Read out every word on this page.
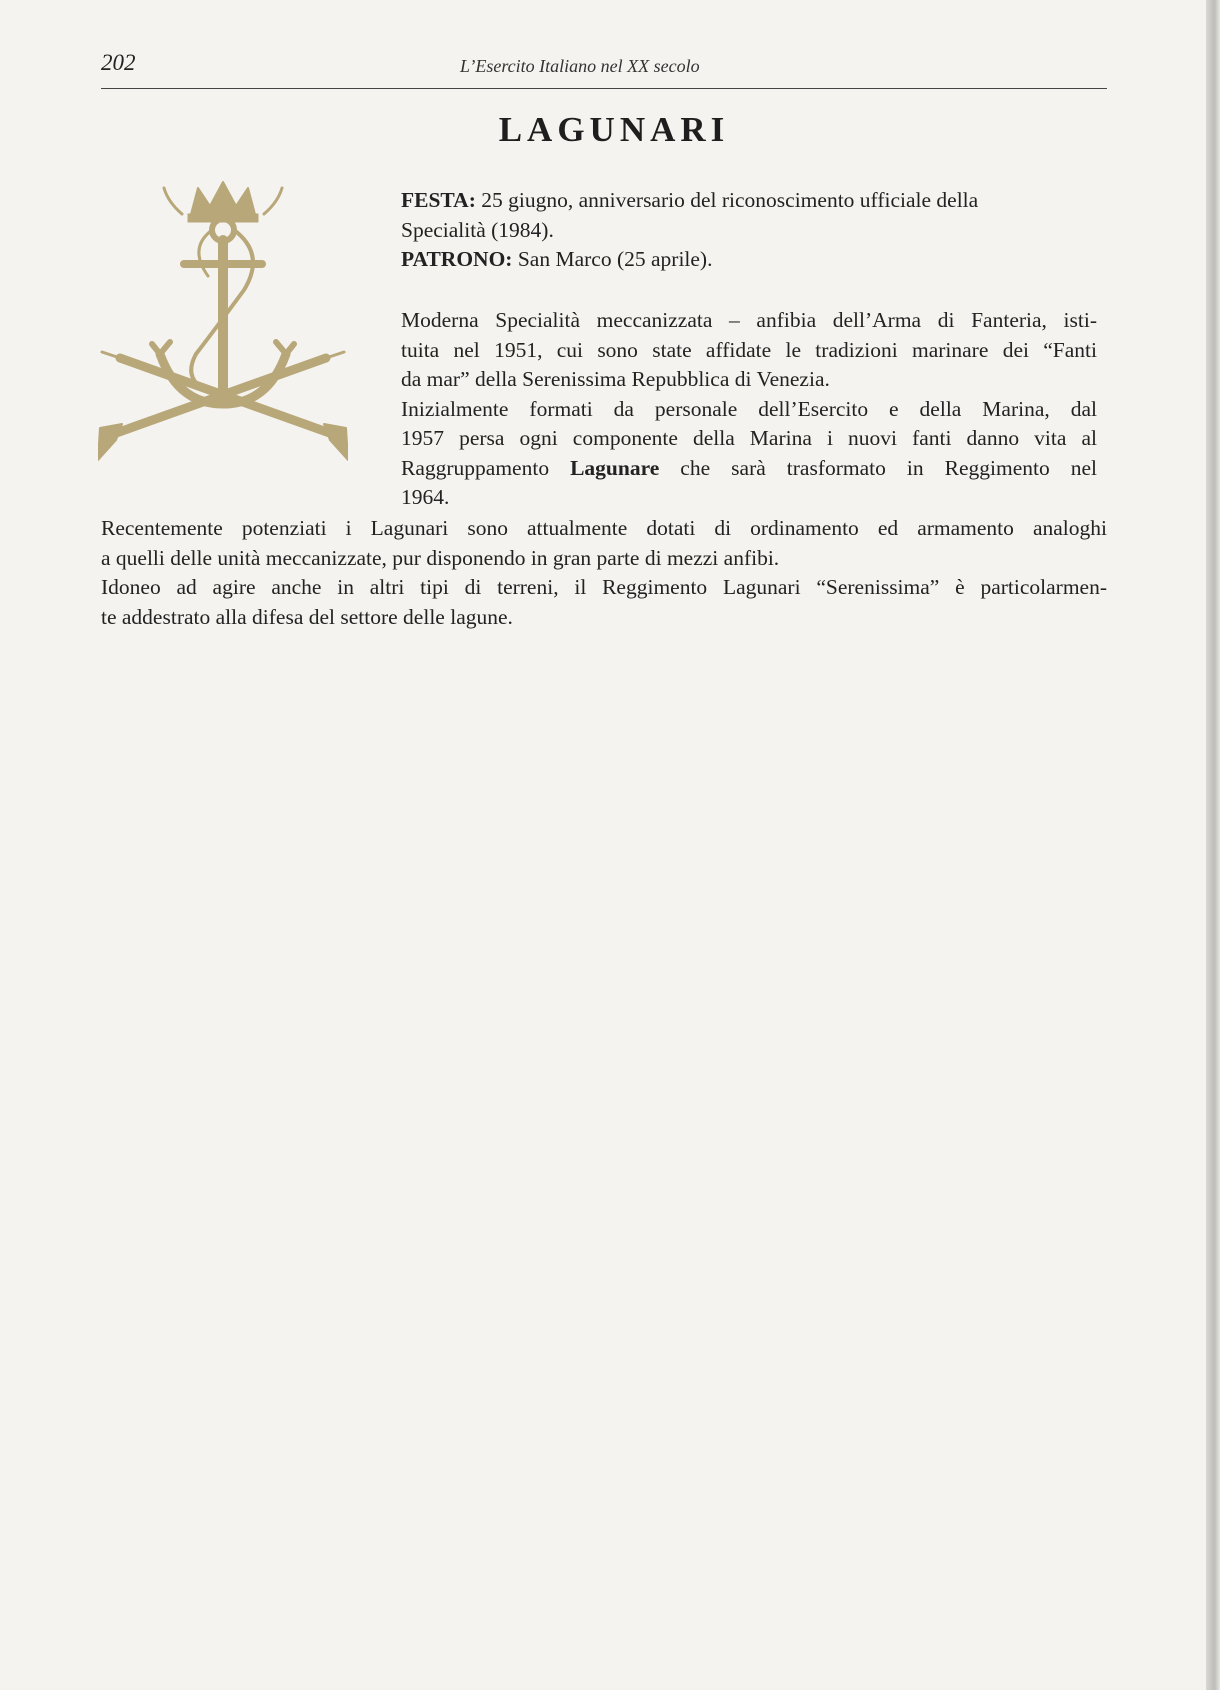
202	L’Esercito Italiano nel XX secolo
LAGUNARI
FESTA: 25 giugno, anniversario del riconoscimento ufficiale della
Specialità (1984).
PATRONO: San Marco (25 aprile).

Moderna Specialità meccanizzata – anfibia dell’Arma di Fanteria, isti-
tuita nel 1951, cui sono state affidate le tradizioni marinare dei “Fanti
da mar” della Serenissima Repubblica di Venezia.

Inizialmente formati da personale dell’Esercito e della Marina, dal
1957 persa ogni componente della Marina i nuovi fanti danno vita al
Raggruppamento Lagunare che sarà trasformato in Reggimento nel
1964.

Recentemente potenziati i Lagunari sono attualmente dotati di ordinamento ed armamento analoghi
a quelli delle unità meccanizzate, pur disponendo in gran parte di mezzi anfibi.

Idoneo ad agire anche in altri tipi di terreni, il Reggimento Lagunari “Serenissima” è particolarmen-
te addestrato alla difesa del settore delle lagune.
